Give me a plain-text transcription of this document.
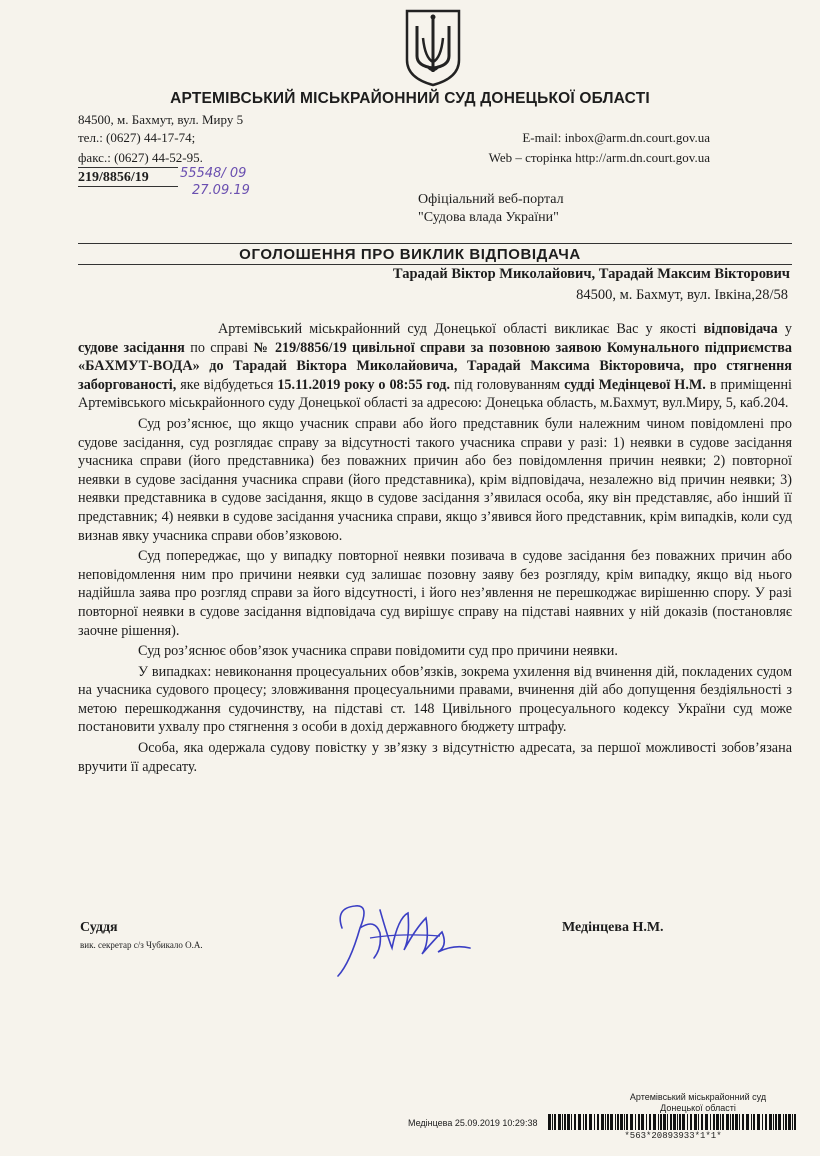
АРТЕМІВСЬКИЙ МІСЬКРАЙОННИЙ СУД ДОНЕЦЬКОЇ ОБЛАСТІ
84500, м. Бахмут, вул. Миру 5
тел.: (0627) 44-17-74;
факс.: (0627) 44-52-95.
E-mail: inbox@arm.dn.court.gov.ua
Web – сторінка http://arm.dn.court.gov.ua
219/8856/19 55548/ 09
27.09.19
Офіціальний веб-портал
"Судова влада України"
ОГОЛОШЕННЯ ПРО ВИКЛИК ВІДПОВІДАЧА
Тарадай Віктор Миколайович, Тарадай Максим Вікторович
84500, м. Бахмут, вул. Івкіна,28/58

Артемівський міськрайонний суд Донецької області викликає Вас у якості відповідача у судове засідання по справі № 219/8856/19 цивільної справи за позовною заявою Комунального підприємства «БАХМУТ-ВОДА» до Тарадай Віктора Миколайовича, Тарадай Максима Вікторовича, про стягнення заборгованості, яке відбудеться 15.11.2019 року о 08:55 год. під головуванням судді Медінцевої Н.М. в приміщенні Артемівського міськрайонного суду Донецької області за адресою: Донецька область, м.Бахмут, вул.Миру, 5, каб.204.

Суд роз’яснює, що якщо учасник справи або його представник були належним чином повідомлені про судове засідання, суд розглядає справу за відсутності такого учасника справи у разі: 1) неявки в судове засідання учасника справи (його представника) без поважних причин або без повідомлення причин неявки; 2) повторної неявки в судове засідання учасника справи (його представника), крім відповідача, незалежно від причин неявки; 3) неявки представника в судове засідання, якщо в судове засідання з’явилася особа, яку він представляє, або інший її представник; 4) неявки в судове засідання учасника справи, якщо з’явився його представник, крім випадків, коли суд визнав явку учасника справи обов’язковою.

Суд попереджає, що у випадку повторної неявки позивача в судове засідання без поважних причин або неповідомлення ним про причини неявки суд залишає позовну заяву без розгляду, крім випадку, якщо від нього надійшла заява про розгляд справи за його відсутності, і його нез’явлення не перешкоджає вирішенню спору. У разі повторної неявки в судове засідання відповідача суд вирішує справу на підставі наявних у ній доказів (постановляє заочне рішення).

Суд роз’яснює обов’язок учасника справи повідомити суд про причини неявки.

У випадках: невиконання процесуальних обов’язків, зокрема ухилення від вчинення дій, покладених судом на учасника судового процесу; зловживання процесуальними правами, вчинення дій або допущення бездіяльності з метою перешкоджання судочинству, на підставі ст. 148 Цивільного процесуального кодексу України суд може постановити ухвалу про стягнення з особи в дохід державного бюджету штрафу.

Особа, яка одержала судову повістку у зв’язку з відсутністю адресата, за першої можливості зобов’язана вручити її адресату.

Суддя
вик. секретар с/з Чубикало О.А.
Медінцева Н.М.
Артемівський міськрайонний суд
Донецької області
Медінцева 25.09.2019 10:29:38
*563*20893933*1*1*
